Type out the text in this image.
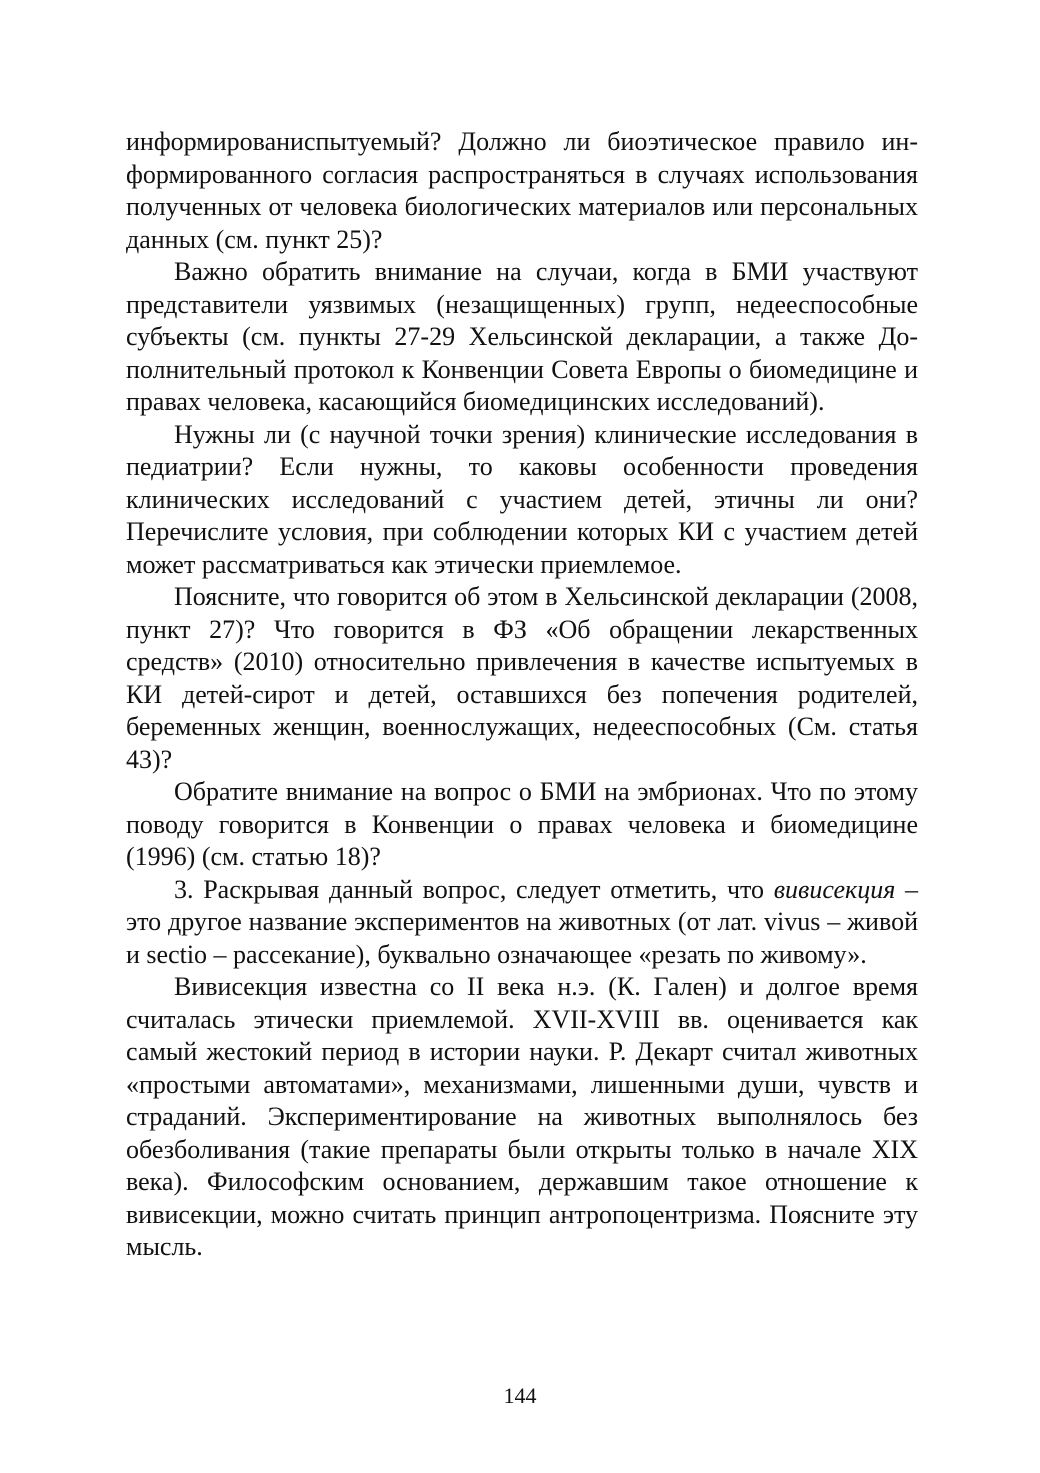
информированиспытуемый? Должно ли биоэтическое правило информированного согласия распространяться в случаях использования полученных от человека биологических материалов или персональных данных (см. пункт 25)?

Важно обратить внимание на случаи, когда в БМИ участвуют представители уязвимых (незащищенных) групп, недееспособные субъекты (см. пункты 27-29 Хельсинской декларации, а также Дополнительный протокол к Конвенции Совета Европы о биомедицине и правах человека, касающийся биомедицинских исследований).

Нужны ли (с научной точки зрения) клинические исследования в педиатрии? Если нужны, то каковы особенности проведения клинических исследований с участием детей, этичны ли они? Перечислите условия, при соблюдении которых КИ с участием детей может рассматриваться как этически приемлемое.

Поясните, что говорится об этом в Хельсинской декларации (2008, пункт 27)? Что говорится в ФЗ «Об обращении лекарственных средств» (2010) относительно привлечения в качестве испытуемых в КИ детей-сирот и детей, оставшихся без попечения родителей, беременных женщин, военнослужащих, недееспособных (См. статья 43)?

Обратите внимание на вопрос о БМИ на эмбрионах. Что по этому поводу говорится в Конвенции о правах человека и биомедицине (1996) (см. статью 18)?

3. Раскрывая данный вопрос, следует отметить, что вивисекция – это другое название экспериментов на животных (от лат. vivus – живой и sectio – рассекание), буквально означающее «резать по живому».

Вивисекция известна со II века н.э. (К. Гален) и долгое время считалась этически приемлемой. XVII-XVIII вв. оценивается как самый жестокий период в истории науки. Р. Декарт считал животных «простыми автоматами», механизмами, лишенными души, чувств и страданий. Экспериментирование на животных выполнялось без обезболивания (такие препараты были открыты только в начале XIX века). Философским основанием, державшим такое отношение к вивисекции, можно считать принцип антропоцентризма. Поясните эту мысль.

144
